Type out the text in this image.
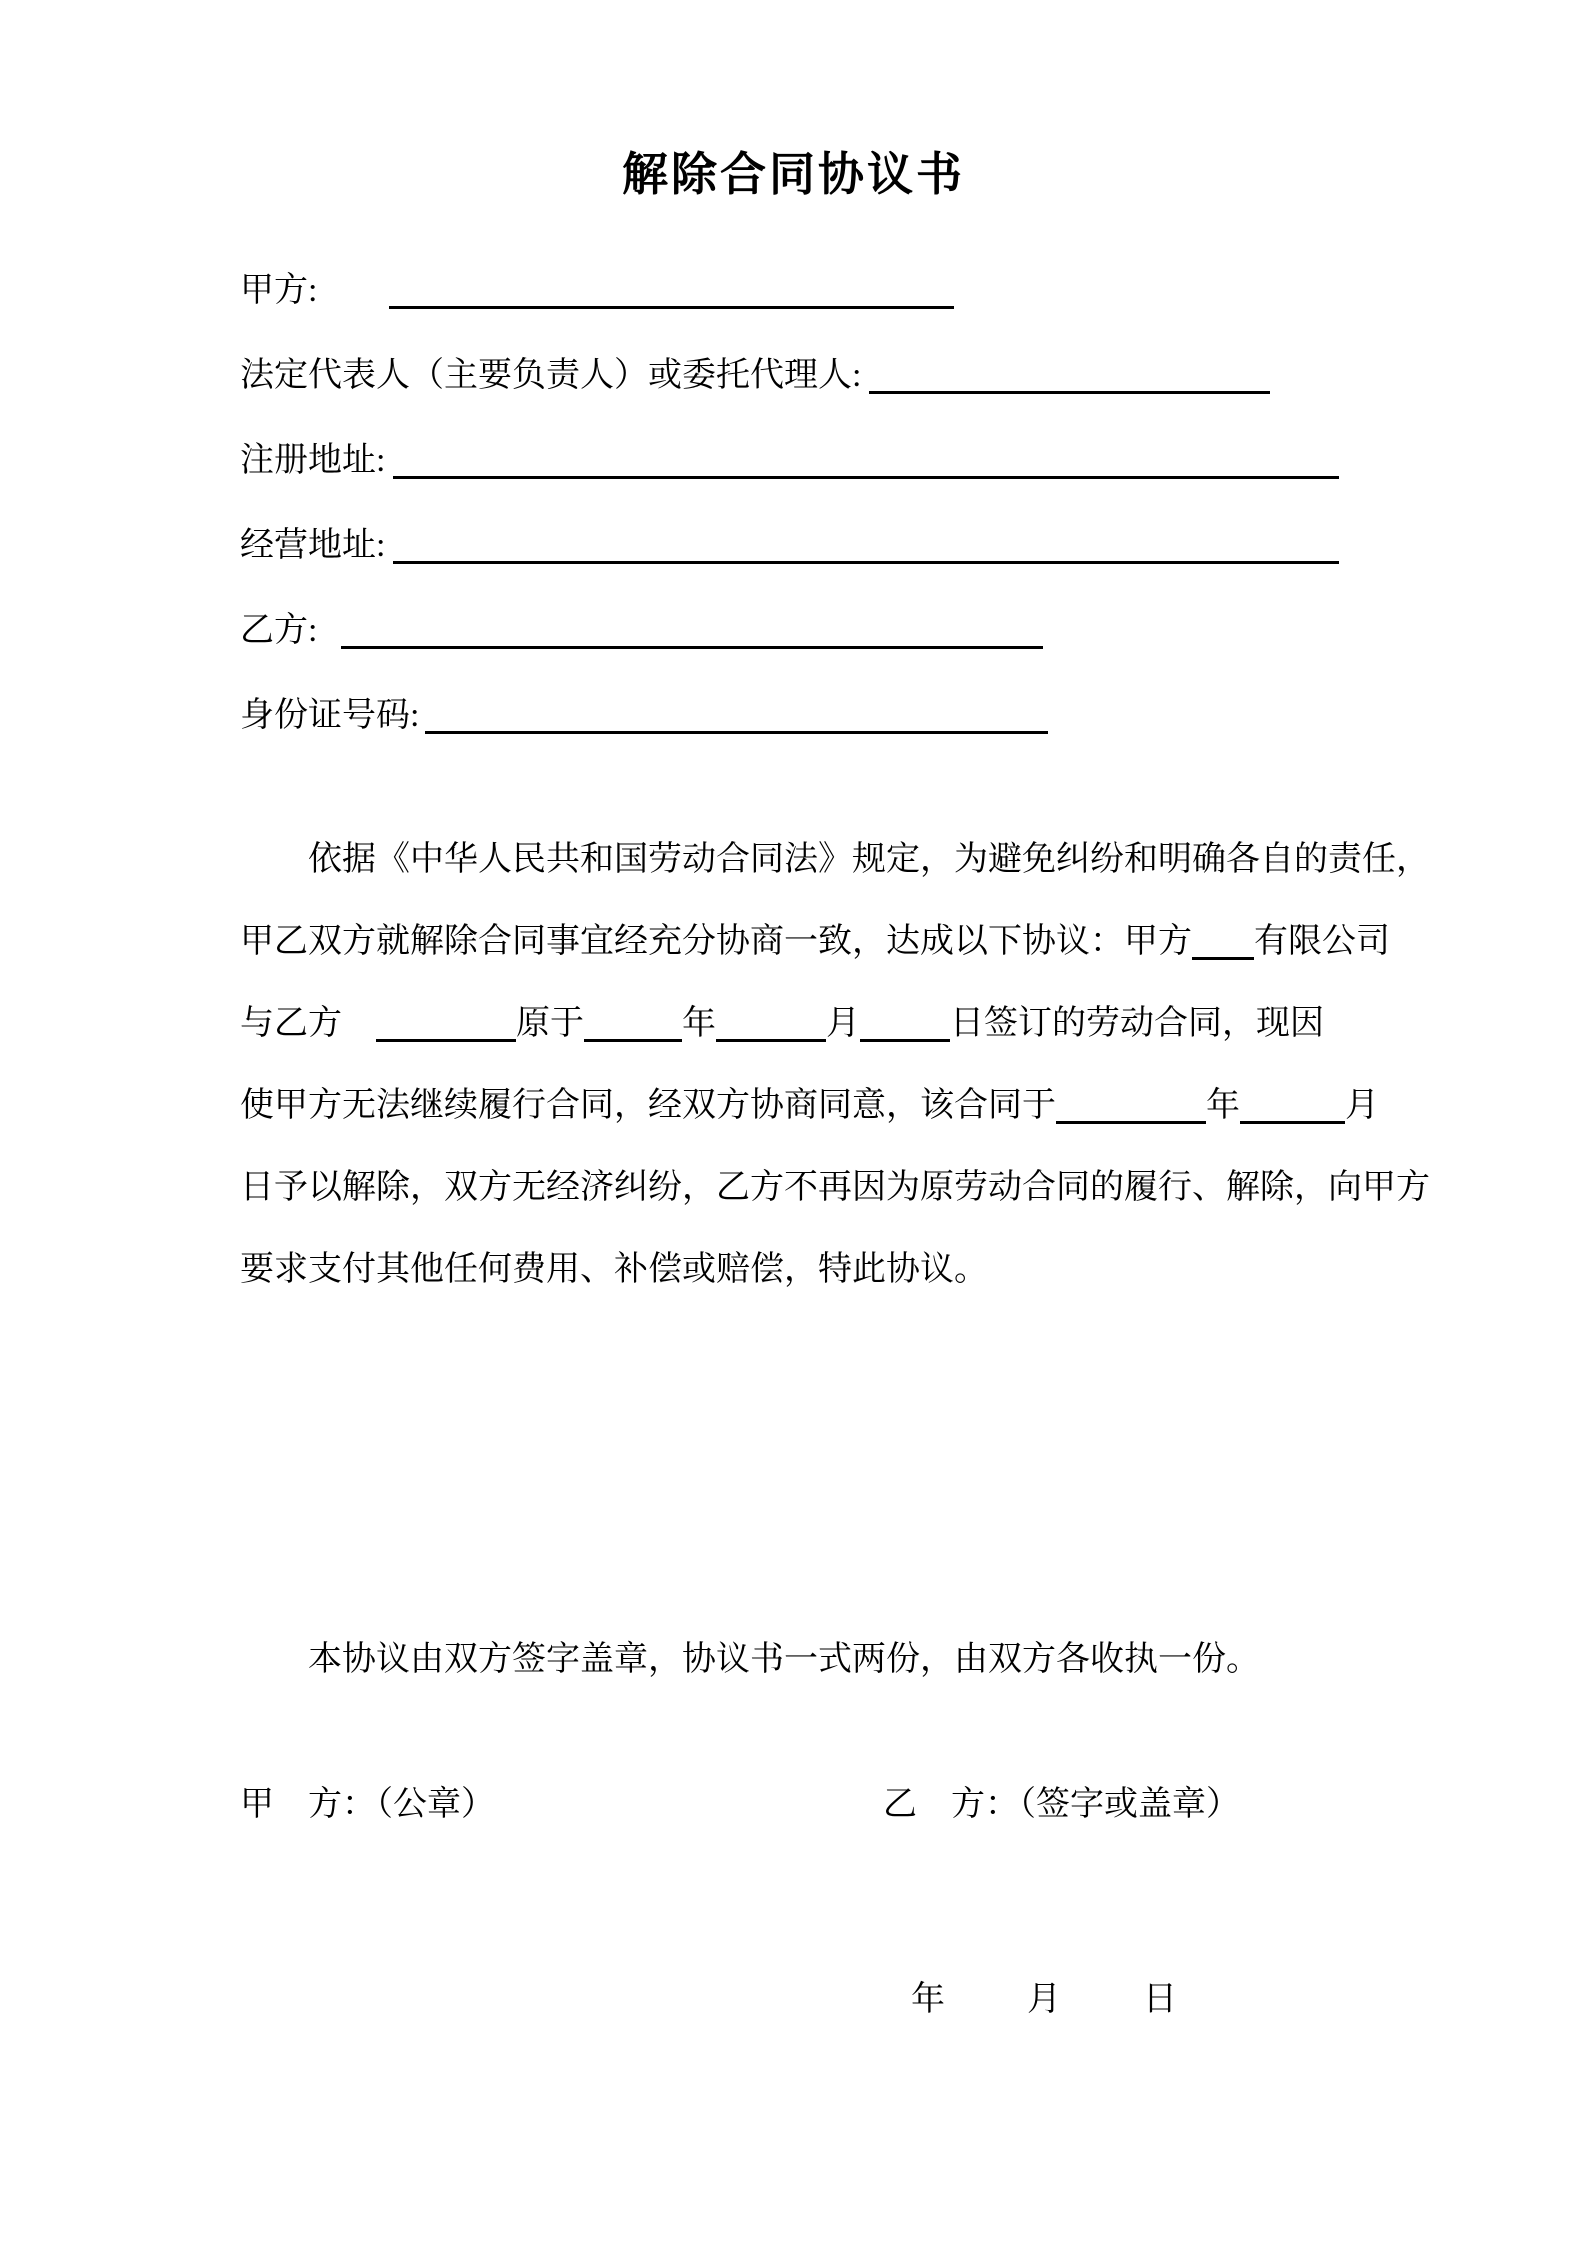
解除合同协议书
甲方:
法定代表人（主要负责人）或委托代理人:
注册地址:
经营地址:
乙方:
身份证号码:
　　依据《中华人民共和国劳动合同法》规定，为避免纠纷和明确各自的责任，
甲乙双方就解除合同事宜经充分协商一致，达成以下协议：甲方 有限公司
与乙方　	原于	年	月	日签订的劳动合同，现因
使甲方无法继续履行合同，经双方协商同意，该合同于	年	月
日予以解除，双方无经济纠纷，乙方不再因为原劳动合同的履行、解除，向甲方
要求支付其他任何费用、补偿或赔偿，特此协议。
　　本协议由双方签字盖章，协议书一式两份，由双方各收执一份。
甲　方：（公章）	乙　方：（签字或盖章）
年 月 日
